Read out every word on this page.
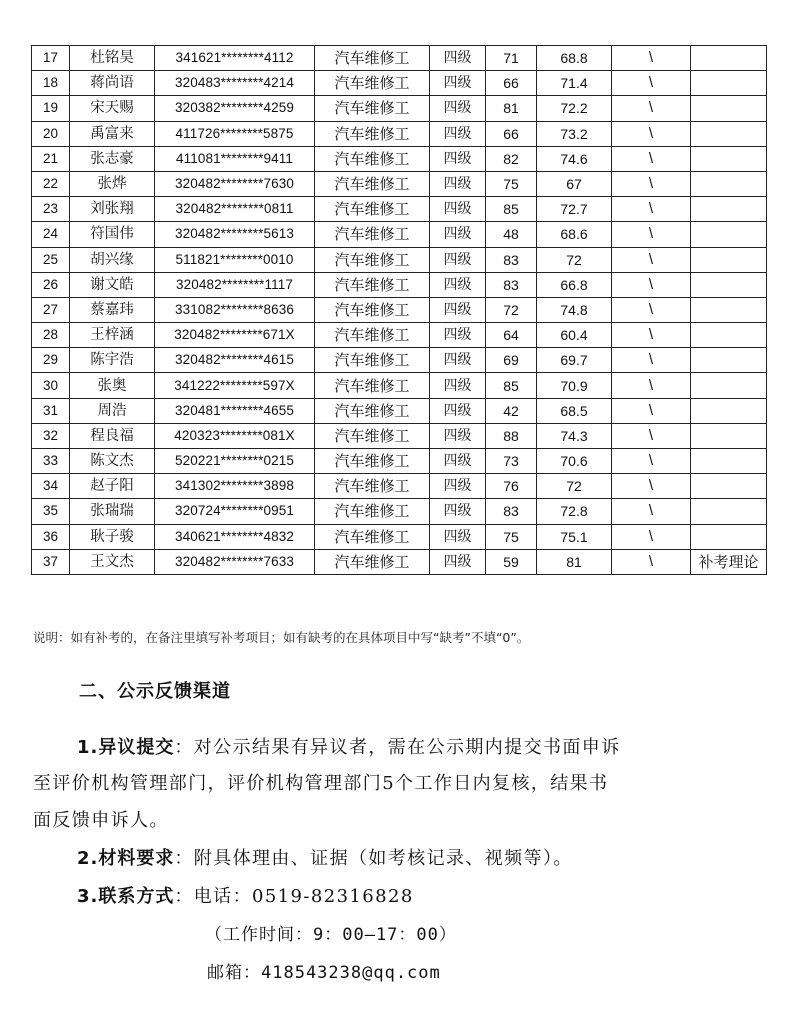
17	杜铭昊	341621********4112	汽车维修工	四级	71	68.8	\	
18	蒋尚语	320483********4214	汽车维修工	四级	66	71.4	\	
19	宋天赐	320382********4259	汽车维修工	四级	81	72.2	\	
20	禹富来	411726********5875	汽车维修工	四级	66	73.2	\	
21	张志豪	411081********9411	汽车维修工	四级	82	74.6	\	
22	张烨	320482********7630	汽车维修工	四级	75	67	\	
23	刘张翔	320482********0811	汽车维修工	四级	85	72.7	\	
24	符国伟	320482********5613	汽车维修工	四级	48	68.6	\	
25	胡兴缘	511821********0010	汽车维修工	四级	83	72	\	
26	谢文皓	320482********1117	汽车维修工	四级	83	66.8	\	
27	蔡嘉玮	331082********8636	汽车维修工	四级	72	74.8	\	
28	王梓涵	320482********671X	汽车维修工	四级	64	60.4	\	
29	陈宇浩	320482********4615	汽车维修工	四级	69	69.7	\	
30	张奥	341222********597X	汽车维修工	四级	85	70.9	\	
31	周浩	320481********4655	汽车维修工	四级	42	68.5	\	
32	程良福	420323********081X	汽车维修工	四级	88	74.3	\	
33	陈文杰	520221********0215	汽车维修工	四级	73	70.6	\	
34	赵子阳	341302********3898	汽车维修工	四级	76	72	\	
35	张瑞瑞	320724********0951	汽车维修工	四级	83	72.8	\	
36	耿子骏	340621********4832	汽车维修工	四级	75	75.1	\	
37	王文杰	320482********7633	汽车维修工	四级	59	81	\	补考理论
说明：如有补考的，在备注里填写补考项目；如有缺考的在具体项目中写“缺考”不填“0”。
二、公示反馈渠道
1.异议提交：对公示结果有异议者，需在公示期内提交书面申诉
至评价机构管理部门，评价机构管理部门5个工作日内复核，结果书
面反馈申诉人。
2.材料要求：附具体理由、证据（如考核记录、视频等）。
3.联系方式：电话：0519-82316828
（工作时间：9：00—17：00）
邮箱：418543238@qq.com
